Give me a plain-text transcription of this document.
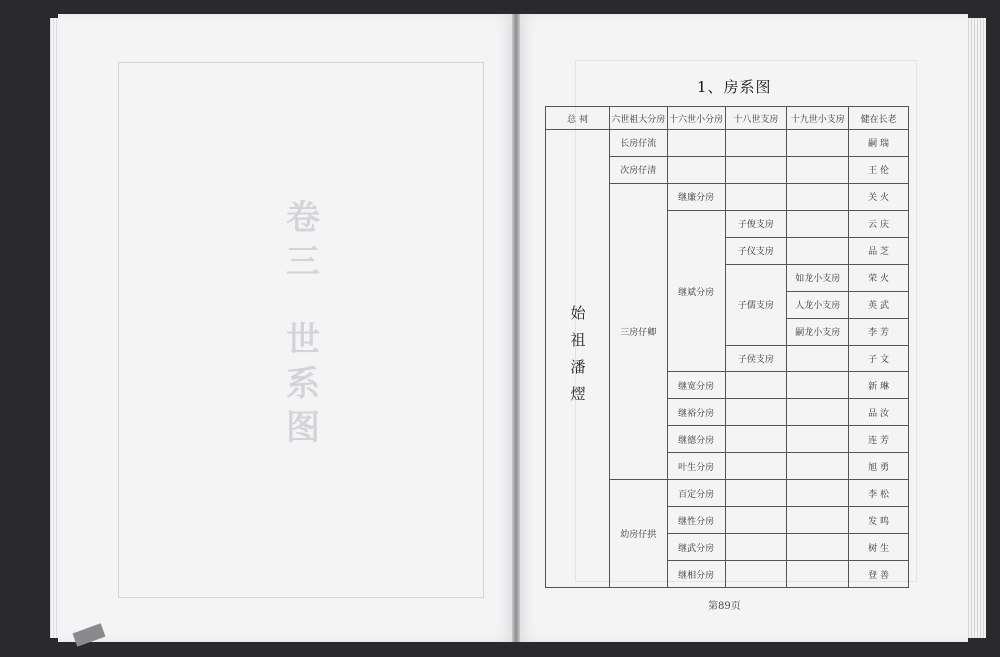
卷三
世系图
1、房系图
总 祠	六世祖大分房	十六世小分房	十八世支房	十九世小支房	健在长老

始祖潘熤	长房仔流				嗣 瑞
	次房仔清				王 伦
	三房仔卿	继廉分房			关 火
		继斌分房	子俊支房		云 庆
			子仪支房		品 芝
			子儒支房	如龙小支房	荣 火
				人龙小支房	英 武
				嗣龙小支房	李 芳
			子侯支房		子 文
		继宽分房			新 琳
		继裕分房			品 汝
		继德分房			连 芳
		叶生分房			旭 勇
	幼房仔拱	百定分房			李 松
		继性分房			发 鸣
		继武分房			树 生
		继相分房			登 善
第89页
